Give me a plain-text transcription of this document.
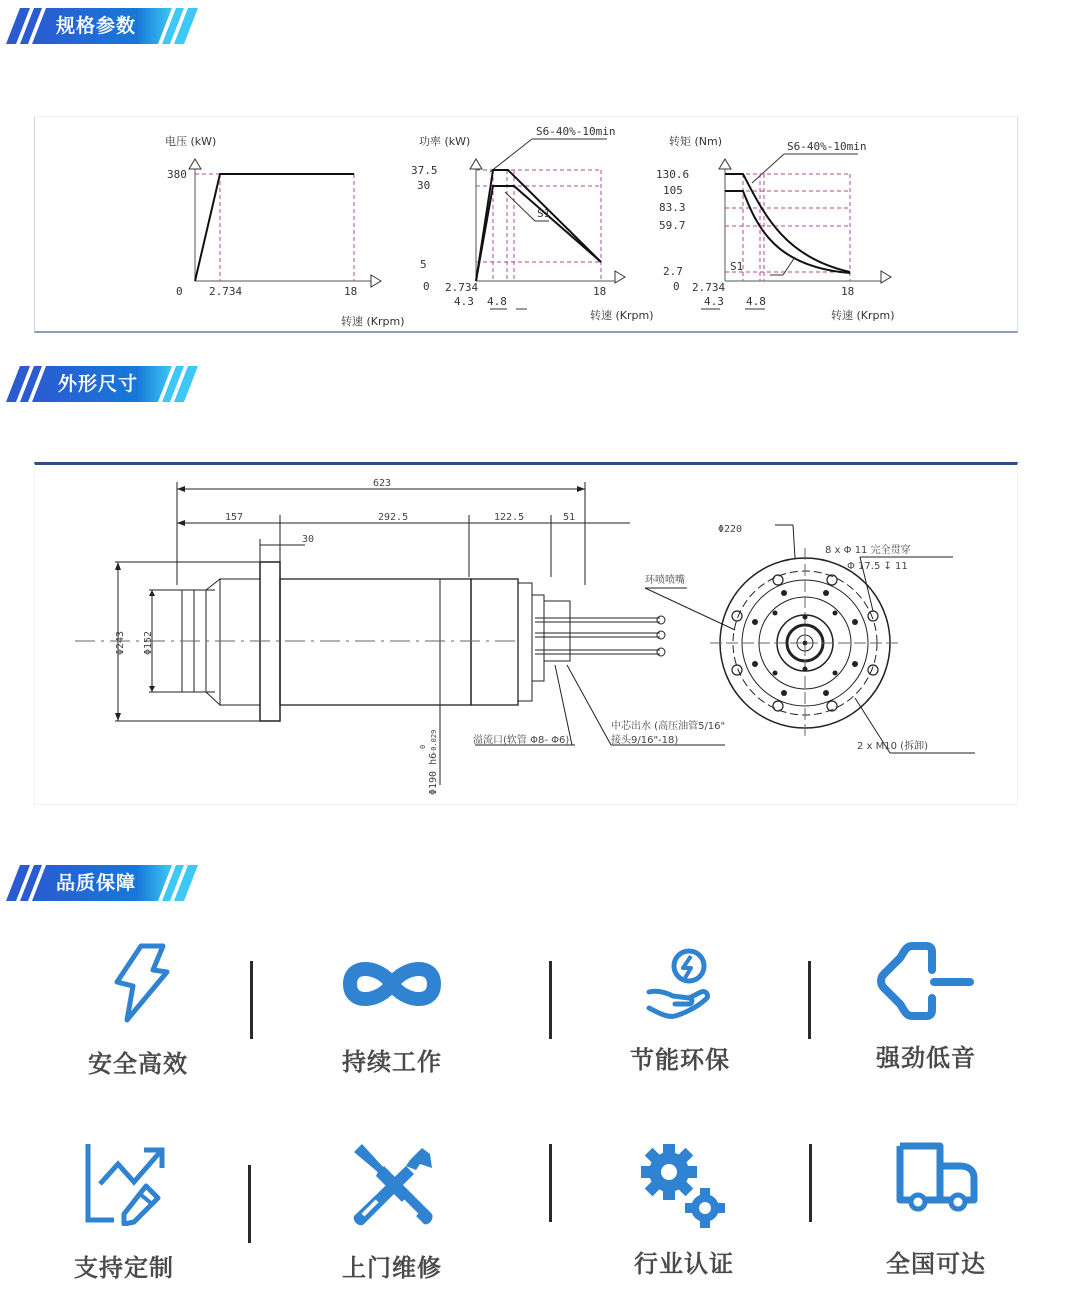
规格参数
电压 (kW)
380
0 2.734	18
转速 (Krpm)
功率 (kW)
S6-40%-10min
S1
37.5
30
5
0 2.734
4.3 4.8
18
转速 (Krpm)
转矩 (Nm)	S6-40%-10min
S1
130.6
105
83.3
59.7
2.7
0 2.734
4.3 4.8
18
转速 (Krpm)
外形尺寸
623
157	292.5	122.5	51
30
Φ243 Φ152
Φ190 h6
0 -0.029
Φ220
环喷喷嘴
8 x Φ 11 完全贯穿
Φ 17.5 ↧ 11
溢流口(软管 Φ8- Φ6)
中芯出水 (高压油管5/16"
接头9/16"-18)
2 x M10 (拆卸)
品质保障
安全高效	持续工作	节能环保	强劲低音
支持定制	上门维修	行业认证	全国可达
